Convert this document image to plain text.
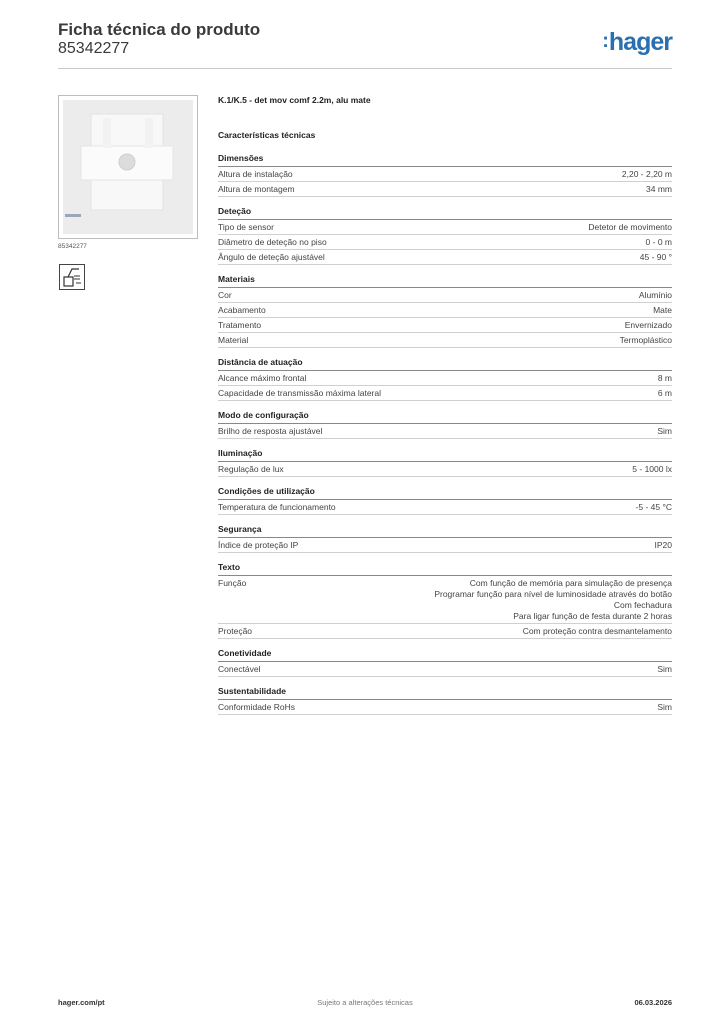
Ficha técnica do produto
85342277	:hager
85342277
K.1/K.5 - det mov comf 2.2m, alu mate
Características técnicas
Dimensões
Altura de instalação	2,20 - 2,20 m
Altura de montagem	34 mm
Deteção
Tipo de sensor	Detetor de movimento
Diâmetro de deteção no piso	0 - 0 m
Ângulo de deteção ajustável	45 - 90 °
Materiais
Cor	Alumínio
Acabamento	Mate
Tratamento	Envernizado
Material	Termoplástico
Distância de atuação
Alcance máximo frontal	8 m
Capacidade de transmissão máxima lateral	6 m
Modo de configuração
Brilho de resposta ajustável	Sim
Iluminação
Regulação de lux	5 - 1000 lx
Condições de utilização
Temperatura de funcionamento	-5 - 45 °C
Segurança
Índice de proteção IP	IP20
Texto
Função	Com função de memória para simulação de presença
Programar função para nível de luminosidade através do botão
Com fechadura
Para ligar função de festa durante 2 horas
Proteção	Com proteção contra desmantelamento
Conetividade
Conectável	Sim
Sustentabilidade
Conformidade RoHs	Sim
hager.com/pt	Sujeito a alterações técnicas	06.03.2026
